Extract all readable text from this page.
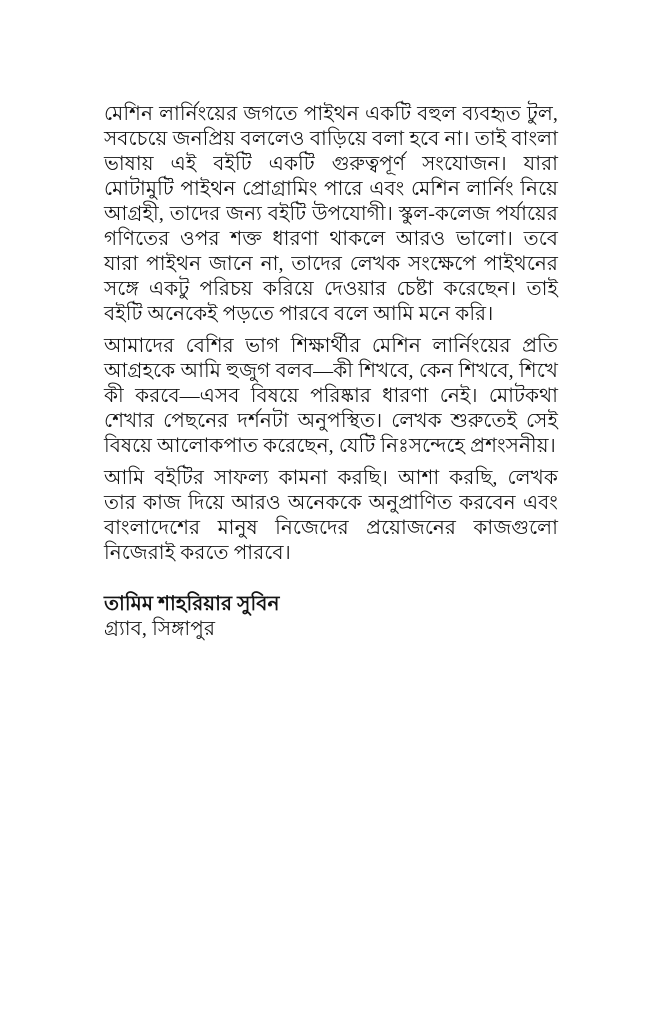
মেশিন লার্নিংয়ের জগতে পাইথন একটি বহুল ব্যবহৃত টুল, সবচেয়ে জনপ্রিয় বললেও বাড়িয়ে বলা হবে না। তাই বাংলা ভাষায় এই বইটি একটি গুরুত্বপূর্ণ সংযোজন। যারা মোটামুটি পাইথন প্রোগ্রামিং পারে এবং মেশিন লার্নিং নিয়ে আগ্রহী, তাদের জন্য বইটি উপযোগী। স্কুল-কলেজ পর্যায়ের গণিতের ওপর শক্ত ধারণা থাকলে আরও ভালো। তবে যারা পাইথন জানে না, তাদের লেখক সংক্ষেপে পাইথনের সঙ্গে একটু পরিচয় করিয়ে দেওয়ার চেষ্টা করেছেন। তাই বইটি অনেকেই পড়তে পারবে বলে আমি মনে করি।

আমাদের বেশির ভাগ শিক্ষার্থীর মেশিন লার্নিংয়ের প্রতি আগ্রহকে আমি হুজুগ বলব—কী শিখবে, কেন শিখবে, শিখে কী করবে—এসব বিষয়ে পরিষ্কার ধারণা নেই। মোটকথা শেখার পেছনের দর্শনটা অনুপস্থিত। লেখক শুরুতেই সেই বিষয়ে আলোকপাত করেছেন, যেটি নিঃসন্দেহে প্রশংসনীয়।

আমি বইটির সাফল্য কামনা করছি। আশা করছি, লেখক তার কাজ দিয়ে আরও অনেককে অনুপ্রাণিত করবেন এবং বাংলাদেশের মানুষ নিজেদের প্রয়োজনের কাজগুলো নিজেরাই করতে পারবে।

তামিম শাহরিয়ার সুবিন
গ্র্যাব, সিঙ্গাপুর
